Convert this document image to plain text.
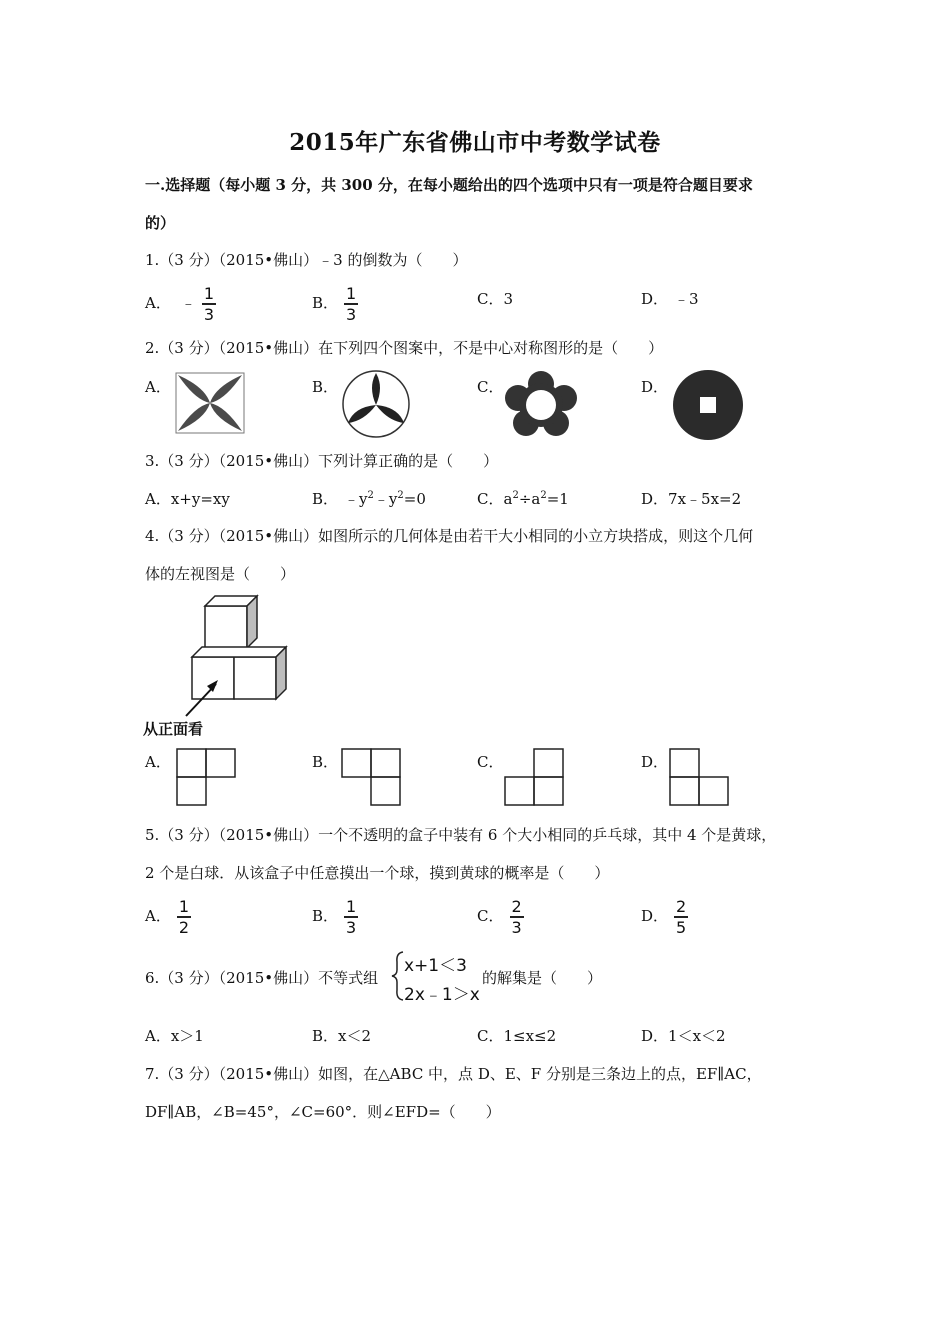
2015年广东省佛山市中考数学试卷
一.选择题（每小题 3 分，共 300 分，在每小题给出的四个选项中只有一项是符合题目要求
的）
1.（3 分）（2015•佛山）﹣3 的倒数为（　　）
A． ﹣ $\frac{1}{3}$	B． $\frac{1}{3}$	C．3	D． ﹣3
2.（3 分）（2015•佛山）在下列四个图案中，不是中心对称图形的是（　　）
A．	B．	C．	D．
3.（3 分）（2015•佛山）下列计算正确的是（　　）
A．x+y=xy	B． $﹣y^2﹣y^2=0$	C．$a^2\div a^2=1$	D．7x﹣5x=2
4.（3 分）（2015•佛山）如图所示的几何体是由若干大小相同的小立方块搭成，则这个几何
体的左视图是（　　）
从正面看
A．	B．	C．	D．
5.（3 分）（2015•佛山）一个不透明的盒子中装有 6 个大小相同的乒乓球，其中 4 个是黄球，
2 个是白球．从该盒子中任意摸出一个球，摸到黄球的概率是（　　）
A． $\frac{1}{2}$	B． $\frac{1}{3}$	C． $\frac{2}{3}$	D． $\frac{2}{5}$
6.（3 分）（2015•佛山）不等式组
x+1＜3
2x﹣1＞x
的解集是（　　）
A．x＞1	B．x＜2	C．1≤x≤2	D．1＜x＜2
7.（3 分）（2015•佛山）如图，在△ABC 中，点 D、E、F 分别是三条边上的点，EF∥AC，
DF∥AB，∠B=45°，∠C=60°．则∠EFD=（　　）
